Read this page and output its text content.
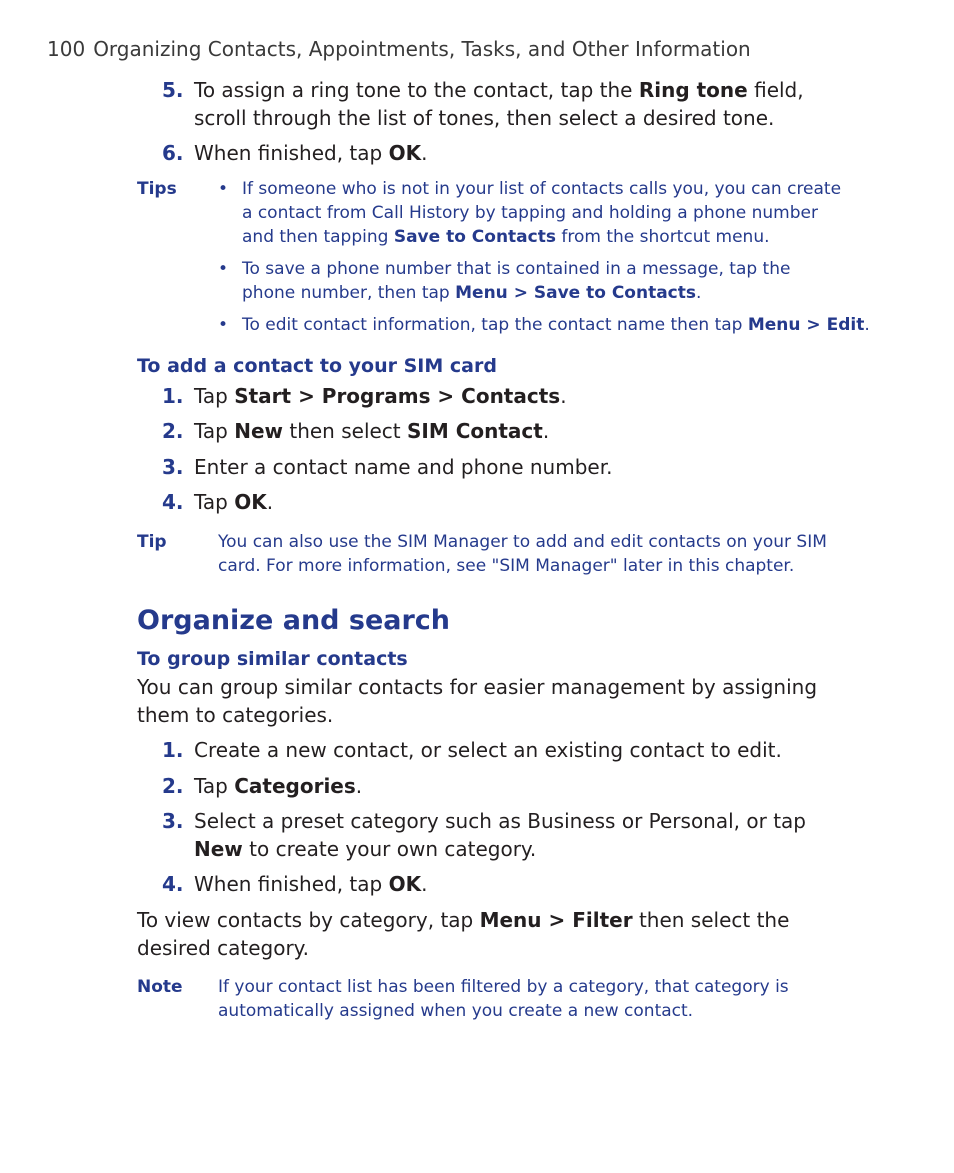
100 Organizing Contacts, Appointments, Tasks, and Other Information
5. To assign a ring tone to the contact, tap the Ring tone field, scroll through the list of tones, then select a desired tone.
6. When finished, tap OK.
Tips • If someone who is not in your list of contacts calls you, you can create a contact from Call History by tapping and holding a phone number and then tapping Save to Contacts from the shortcut menu.
• To save a phone number that is contained in a message, tap the phone number, then tap Menu > Save to Contacts.
• To edit contact information, tap the contact name then tap Menu > Edit.
To add a contact to your SIM card
1. Tap Start > Programs > Contacts.
2. Tap New then select SIM Contact.
3. Enter a contact name and phone number.
4. Tap OK.
Tip	You can also use the SIM Manager to add and edit contacts on your SIM card. For more information, see "SIM Manager" later in this chapter.
Organize and search
To group similar contacts
You can group similar contacts for easier management by assigning them to categories.
1. Create a new contact, or select an existing contact to edit.
2. Tap Categories.
3. Select a preset category such as Business or Personal, or tap New to create your own category.
4. When finished, tap OK.
To view contacts by category, tap Menu > Filter then select the desired category.
Note If your contact list has been filtered by a category, that category is automatically assigned when you create a new contact.
